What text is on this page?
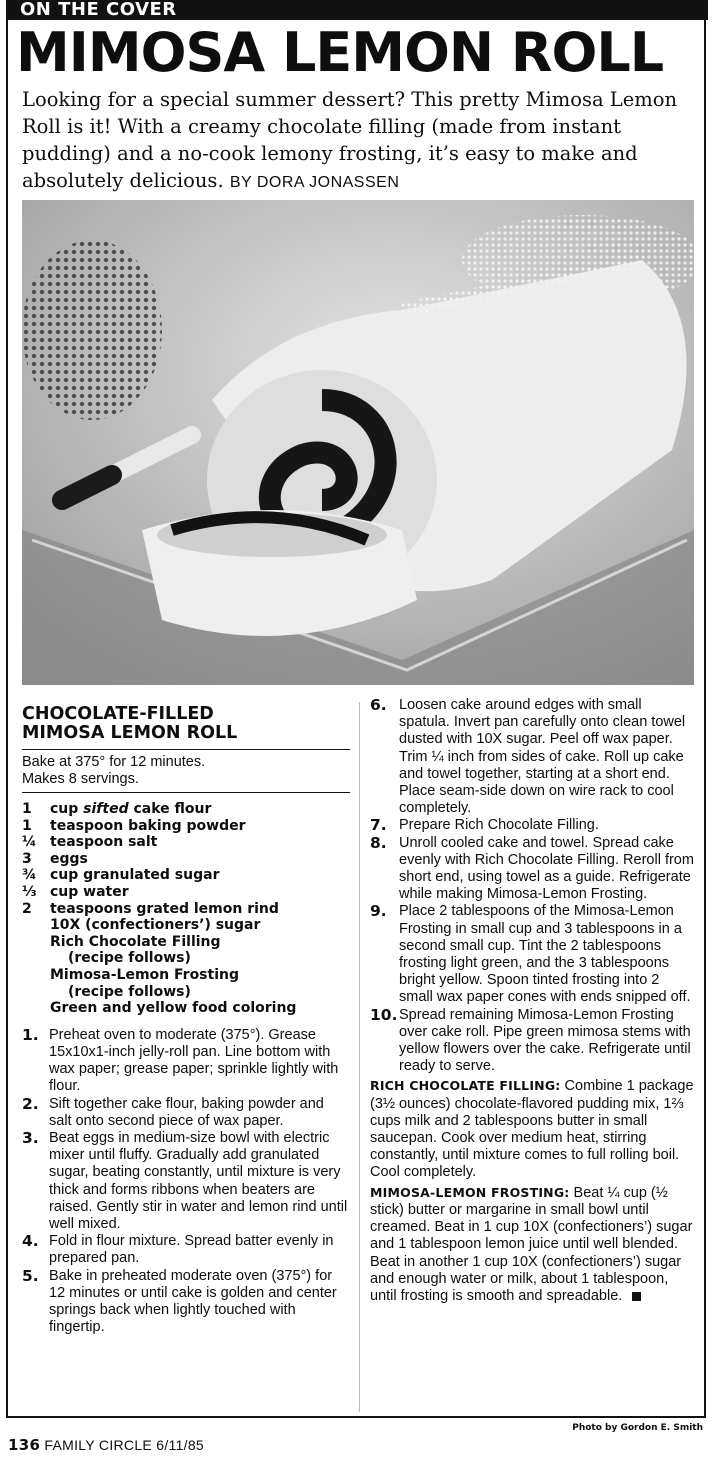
ON THE COVER
MIMOSA LEMON ROLL

Looking for a special summer dessert? This pretty Mimosa Lemon Roll is it! With a creamy chocolate filling (made from instant pudding) and a no-cook lemony frosting, it’s easy to make and absolutely delicious. BY DORA JONASSEN

CHOCOLATE-FILLED
MIMOSA LEMON ROLL

Bake at 375° for 12 minutes.
Makes 8 servings.

1	cup sifted cake flour
1	teaspoon baking powder
¼ teaspoon salt
3	eggs
¾ cup granulated sugar
⅓ cup water
2	teaspoons grated lemon rind
10X (confectioners’) sugar
Rich Chocolate Filling
(recipe follows)
Mimosa-Lemon Frosting
(recipe follows)
Green and yellow food coloring
1. Preheat oven to moderate (375°). Grease 15x10x1-inch jelly-roll pan. Line bottom with wax paper; grease paper; sprinkle lightly with flour.
2. Sift together cake flour, baking powder and salt onto second piece of wax paper.
3. Beat eggs in medium-size bowl with electric mixer until fluffy. Gradually add granulated sugar, beating constantly, until mixture is very thick and forms ribbons when beaters are raised. Gently stir in water and lemon rind until well mixed.
4. Fold in flour mixture. Spread batter evenly in prepared pan.
5. Bake in preheated moderate oven (375°) for 12 minutes or until cake is golden and center springs back when lightly touched with fingertip.
6. Loosen cake around edges with small spatula. Invert pan carefully onto clean towel dusted with 10X sugar. Peel off wax paper. Trim ¼ inch from sides of cake. Roll up cake and towel together, starting at a short end. Place seam-side down on wire rack to cool completely.
7. Prepare Rich Chocolate Filling.
8. Unroll cooled cake and towel. Spread cake evenly with Rich Chocolate Filling. Reroll from short end, using towel as a guide. Refrigerate while making Mimosa-Lemon Frosting.
9. Place 2 tablespoons of the Mimosa-Lemon Frosting in small cup and 3 tablespoons in a second small cup. Tint the 2 tablespoons frosting light green, and the 3 tablespoons bright yellow. Spoon tinted frosting into 2 small wax paper cones with ends snipped off.
10. Spread remaining Mimosa-Lemon Frosting over cake roll. Pipe green mimosa stems with yellow flowers over the cake. Refrigerate until ready to serve.

RICH CHOCOLATE FILLING: Combine 1 package (3½ ounces) chocolate-flavored pudding mix, 1⅔ cups milk and 2 tablespoons butter in small saucepan. Cook over medium heat, stirring constantly, until mixture comes to full rolling boil. Cool completely.

MIMOSA-LEMON FROSTING: Beat ¼ cup (½ stick) butter or margarine in small bowl until creamed. Beat in 1 cup 10X (confectioners’) sugar and 1 tablespoon lemon juice until well blended. Beat in another 1 cup 10X (confectioners’) sugar and enough water or milk, about 1 tablespoon, until frosting is smooth and spreadable.

Photo by Gordon E. Smith
136 FAMILY CIRCLE 6/11/85
